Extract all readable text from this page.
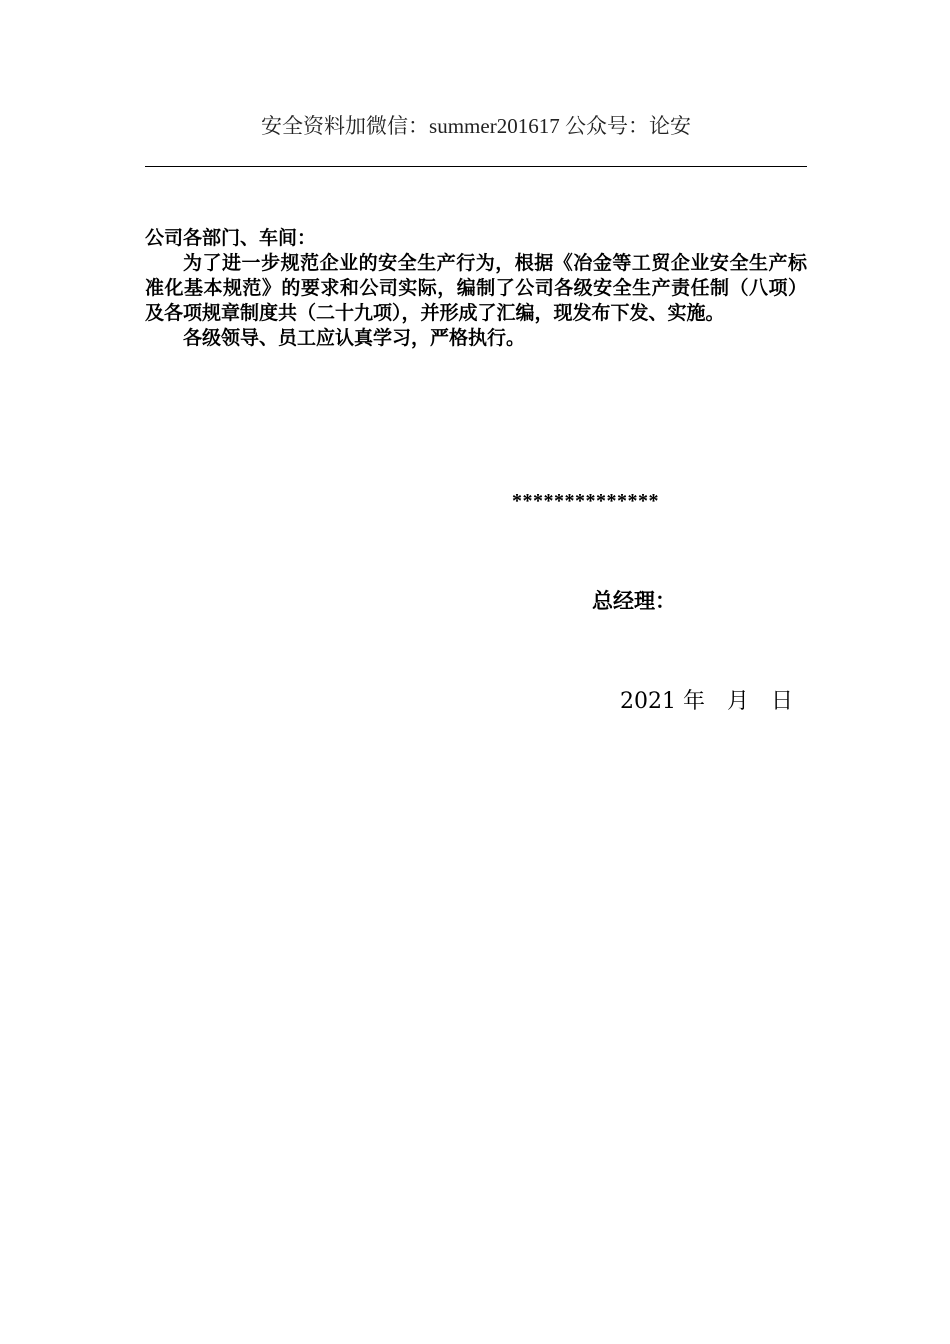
安全资料加微信：summer201617 公众号：论安

公司各部门、车间：

为了进一步规范企业的安全生产行为，根据《冶金等工贸企业安全生产标准化基本规范》的要求和公司实际，编制了公司各级安全生产责任制（八项）及各项规章制度共（二十九项），并形成了汇编，现发布下发、实施。

各级领导、员工应认真学习，严格执行。

**************
总经理：
2021 年 月 日
